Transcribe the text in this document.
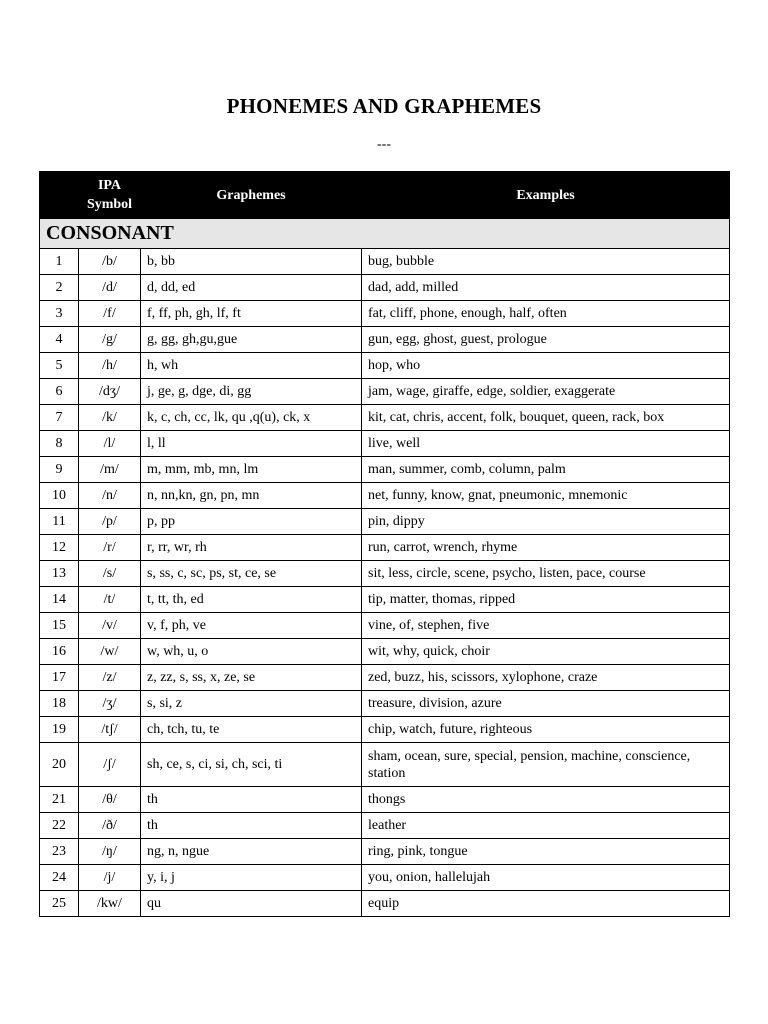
PHONEMES AND GRAPHEMES
---
	IPA Symbol	Graphemes	Examples
CONSONANT			
1	/b/	b, bb	bug, bubble
2	/d/	d, dd, ed	dad, add, milled
3	/f/	f, ff, ph, gh, lf, ft	fat, cliff, phone, enough, half, often
4	/g/	g, gg, gh,gu,gue	gun, egg, ghost, guest, prologue
5	/h/	h, wh	hop, who
6	/dʒ/	j, ge, g, dge, di, gg	jam, wage, giraffe, edge, soldier, exaggerate
7	/k/	k, c, ch, cc, lk, qu ,q(u), ck, x	kit, cat, chris, accent, folk, bouquet, queen, rack, box
8	/l/	l, ll	live, well
9	/m/	m, mm, mb, mn, lm	man, summer, comb, column, palm
10	/n/	n, nn,kn, gn, pn, mn	net, funny, know, gnat, pneumonic, mnemonic
11	/p/	p, pp	pin, dippy
12	/r/	r, rr, wr, rh	run, carrot, wrench, rhyme
13	/s/	s, ss, c, sc, ps, st, ce, se	sit, less, circle, scene, psycho, listen, pace, course
14	/t/	t, tt, th, ed	tip, matter, thomas, ripped
15	/v/	v, f, ph, ve	vine, of, stephen, five
16	/w/	w, wh, u, o	wit, why, quick, choir
17	/z/	z, zz, s, ss, x, ze, se	zed, buzz, his, scissors, xylophone, craze
18	/ʒ/	s, si, z	treasure, division, azure
19	/tʃ/	ch, tch, tu, te	chip, watch, future, righteous
20	/ʃ/	sh, ce, s, ci, si, ch, sci, ti	sham, ocean, sure, special, pension, machine, conscience, station
21	/θ/	th	thongs
22	/ð/	th	leather
23	/ŋ/	ng, n, ngue	ring, pink, tongue
24	/j/	y, i, j	you, onion, hallelujah
25	/kw/	qu	equip
